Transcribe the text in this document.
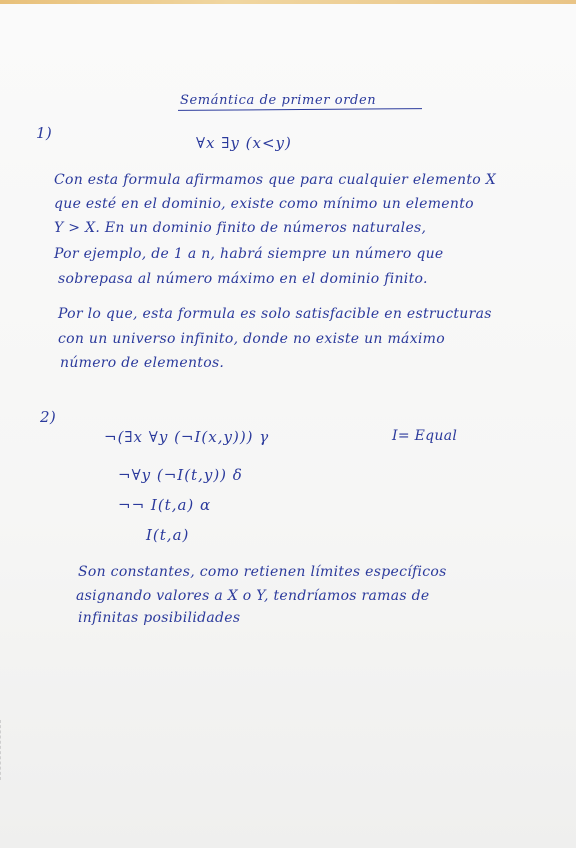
Semántica de primer orden
1)
∀x ∃y (x<y)
Con esta formula afirmamos que para cualquier elemento X
que esté en el dominio, existe como mínimo un elemento
Y > X. En un dominio finito de números naturales,
Por ejemplo, de 1 a n, habrá siempre un número que
sobrepasa al número máximo en el dominio finito.
Por lo que, esta formula es solo satisfacible en estructuras
con un universo infinito, donde no existe un máximo
número de elementos.
2)
¬(∃x ∀y (¬I(x,y))) γ	I= Equal
¬∀y (¬I(t,y)) δ
¬¬ I(t,a) α
I(t,a)
Son constantes, como retienen límites específicos
asignando valores a X o Y, tendríamos ramas de
infinitas posibilidades
